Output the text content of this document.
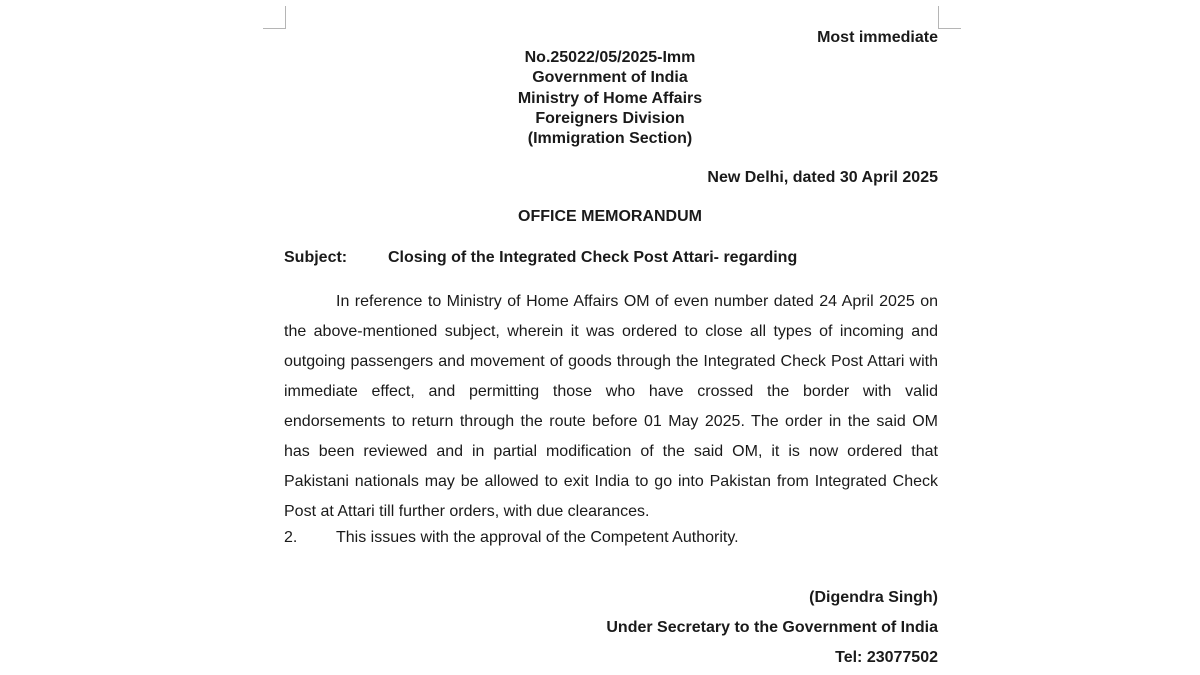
Most immediate
No.25022/05/2025-Imm
Government of India
Ministry of Home Affairs
Foreigners Division
(Immigration Section)
New Delhi, dated 30 April 2025
OFFICE MEMORANDUM
Subject:	Closing of the Integrated Check Post Attari- regarding
In reference to Ministry of Home Affairs OM of even number dated 24 April 2025 on the above-mentioned subject, wherein it was ordered to close all types of incoming and outgoing passengers and movement of goods through the Integrated Check Post Attari with immediate effect, and permitting those who have crossed the border with valid endorsements to return through the route before 01 May 2025. The order in the said OM has been reviewed and in partial modification of the said OM, it is now ordered that Pakistani nationals may be allowed to exit India to go into Pakistan from Integrated Check Post at Attari till further orders, with due clearances.
2. This issues with the approval of the Competent Authority.
(Digendra Singh)
Under Secretary to the Government of India
Tel: 23077502
